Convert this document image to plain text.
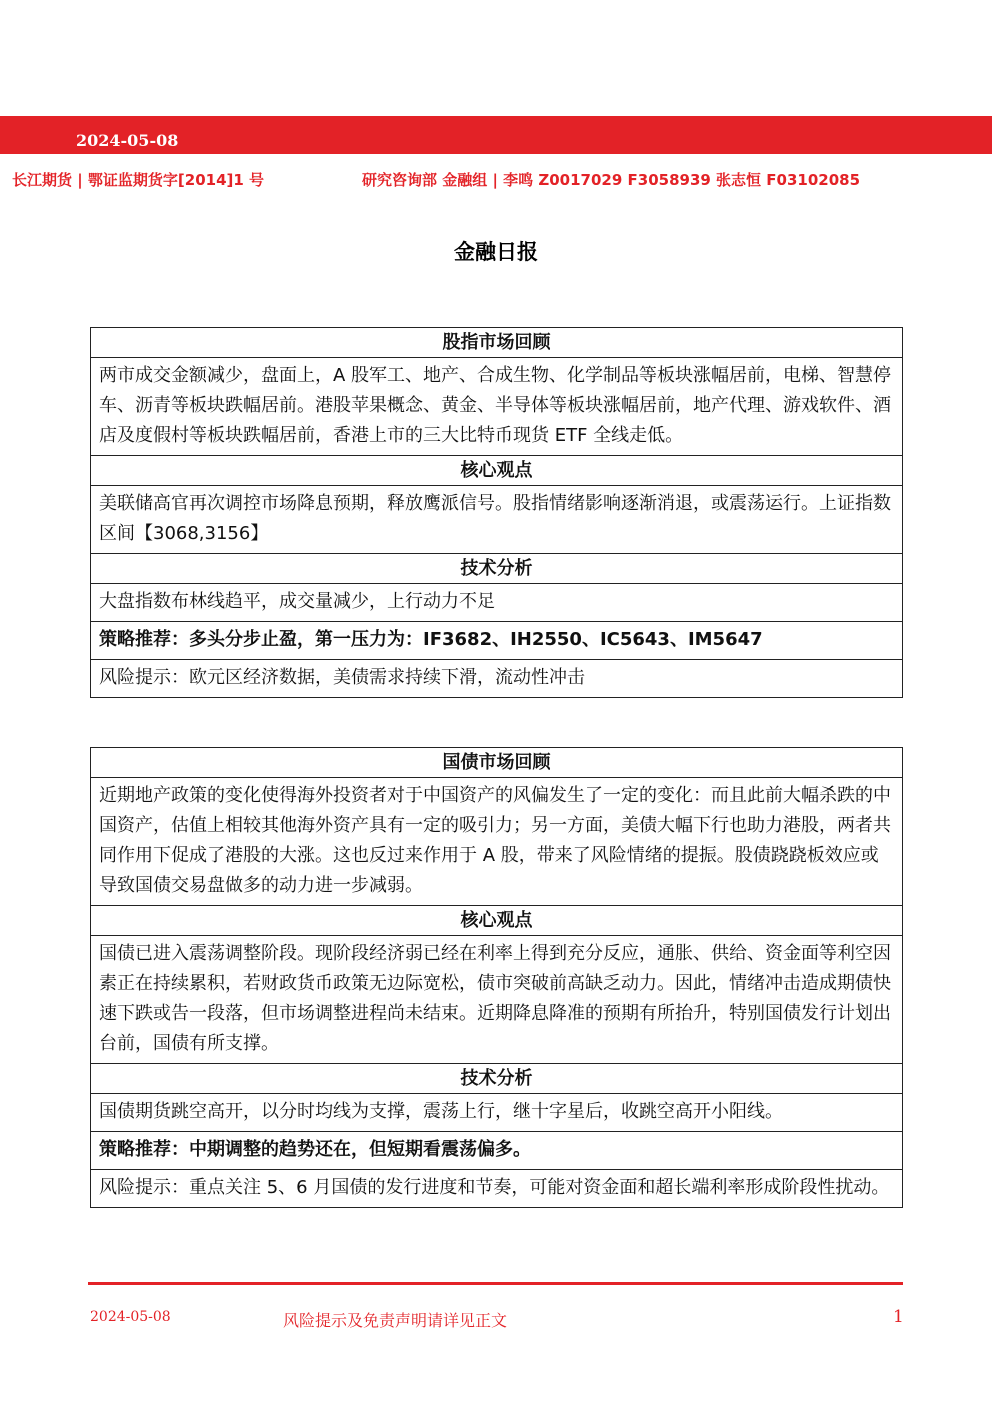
2024-05-08
长江期货 | 鄂证监期货字[2014]1 号	研究咨询部 金融组 | 李鸣 Z0017029 F3058939 张志恒 F03102085
金融日报
股指市场回顾
两市成交金额减少，盘面上，A 股军工、地产、合成生物、化学制品等板块涨幅居前，电梯、智慧停车、沥青等板块跌幅居前。港股苹果概念、黄金、半导体等板块涨幅居前，地产代理、游戏软件、酒店及度假村等板块跌幅居前，香港上市的三大比特币现货 ETF 全线走低。
核心观点
美联储高官再次调控市场降息预期，释放鹰派信号。股指情绪影响逐渐消退，或震荡运行。上证指数区间【3068,3156】
技术分析
大盘指数布林线趋平，成交量减少，上行动力不足
策略推荐：多头分步止盈，第一压力为：IF3682、IH2550、IC5643、IM5647
风险提示：欧元区经济数据，美债需求持续下滑，流动性冲击
国债市场回顾
近期地产政策的变化使得海外投资者对于中国资产的风偏发生了一定的变化：而且此前大幅杀跌的中国资产，估值上相较其他海外资产具有一定的吸引力；另一方面，美债大幅下行也助力港股，两者共同作用下促成了港股的大涨。这也反过来作用于 A 股，带来了风险情绪的提振。股债跷跷板效应或导致国债交易盘做多的动力进一步减弱。
核心观点
国债已进入震荡调整阶段。现阶段经济弱已经在利率上得到充分反应，通胀、供给、资金面等利空因素正在持续累积，若财政货币政策无边际宽松，债市突破前高缺乏动力。因此，情绪冲击造成期债快速下跌或告一段落，但市场调整进程尚未结束。近期降息降准的预期有所抬升，特别国债发行计划出台前，国债有所支撑。
技术分析
国债期货跳空高开，以分时均线为支撑，震荡上行，继十字星后，收跳空高开小阳线。
策略推荐：中期调整的趋势还在，但短期看震荡偏多。
风险提示：重点关注 5、6 月国债的发行进度和节奏，可能对资金面和超长端利率形成阶段性扰动。
2024-05-08	风险提示及免责声明请详见正文	1
